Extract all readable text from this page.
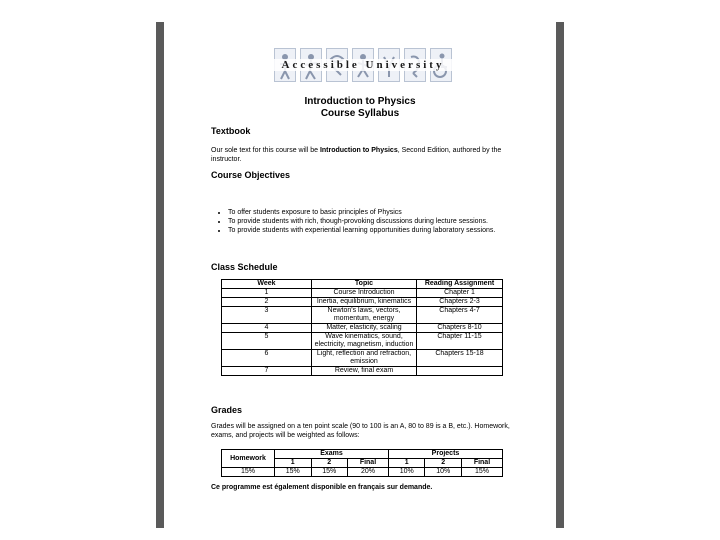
Accessible University
Introduction to Physics
Course Syllabus
Textbook
Our sole text for this course will be Introduction to Physics, Second Edition, authored by the instructor.
Course Objectives
• To offer students exposure to basic principles of Physics
• To provide students with rich, though-provoking discussions during lecture sessions.
• To provide students with experiential learning opportunities during laboratory sessions.
Class Schedule
Week	Topic	Reading Assignment
1	Course Introduction	Chapter 1
2	Inertia, equilibrium, kinematics	Chapters 2-3
3	Newton's laws, vectors, momentum, energy	Chapters 4-7
4	Matter, elasticity, scaling	Chapters 8-10
5	Wave kinematics, sound, electricity, magnetism, induction	Chapter 11-15
6	Light, reflection and refraction, emission	Chapters 15-18
7	Review, final exam	
Grades
Grades will be assigned on a ten point scale (90 to 100 is an A, 80 to 89 is a B, etc.). Homework, exams, and projects will be weighted as follows:
Homework	Exams			Projects		
	1	2	Final	1	2	Final
15%	15%	15%	20%	10%	10%	15%
Ce programme est également disponible en français sur demande.
